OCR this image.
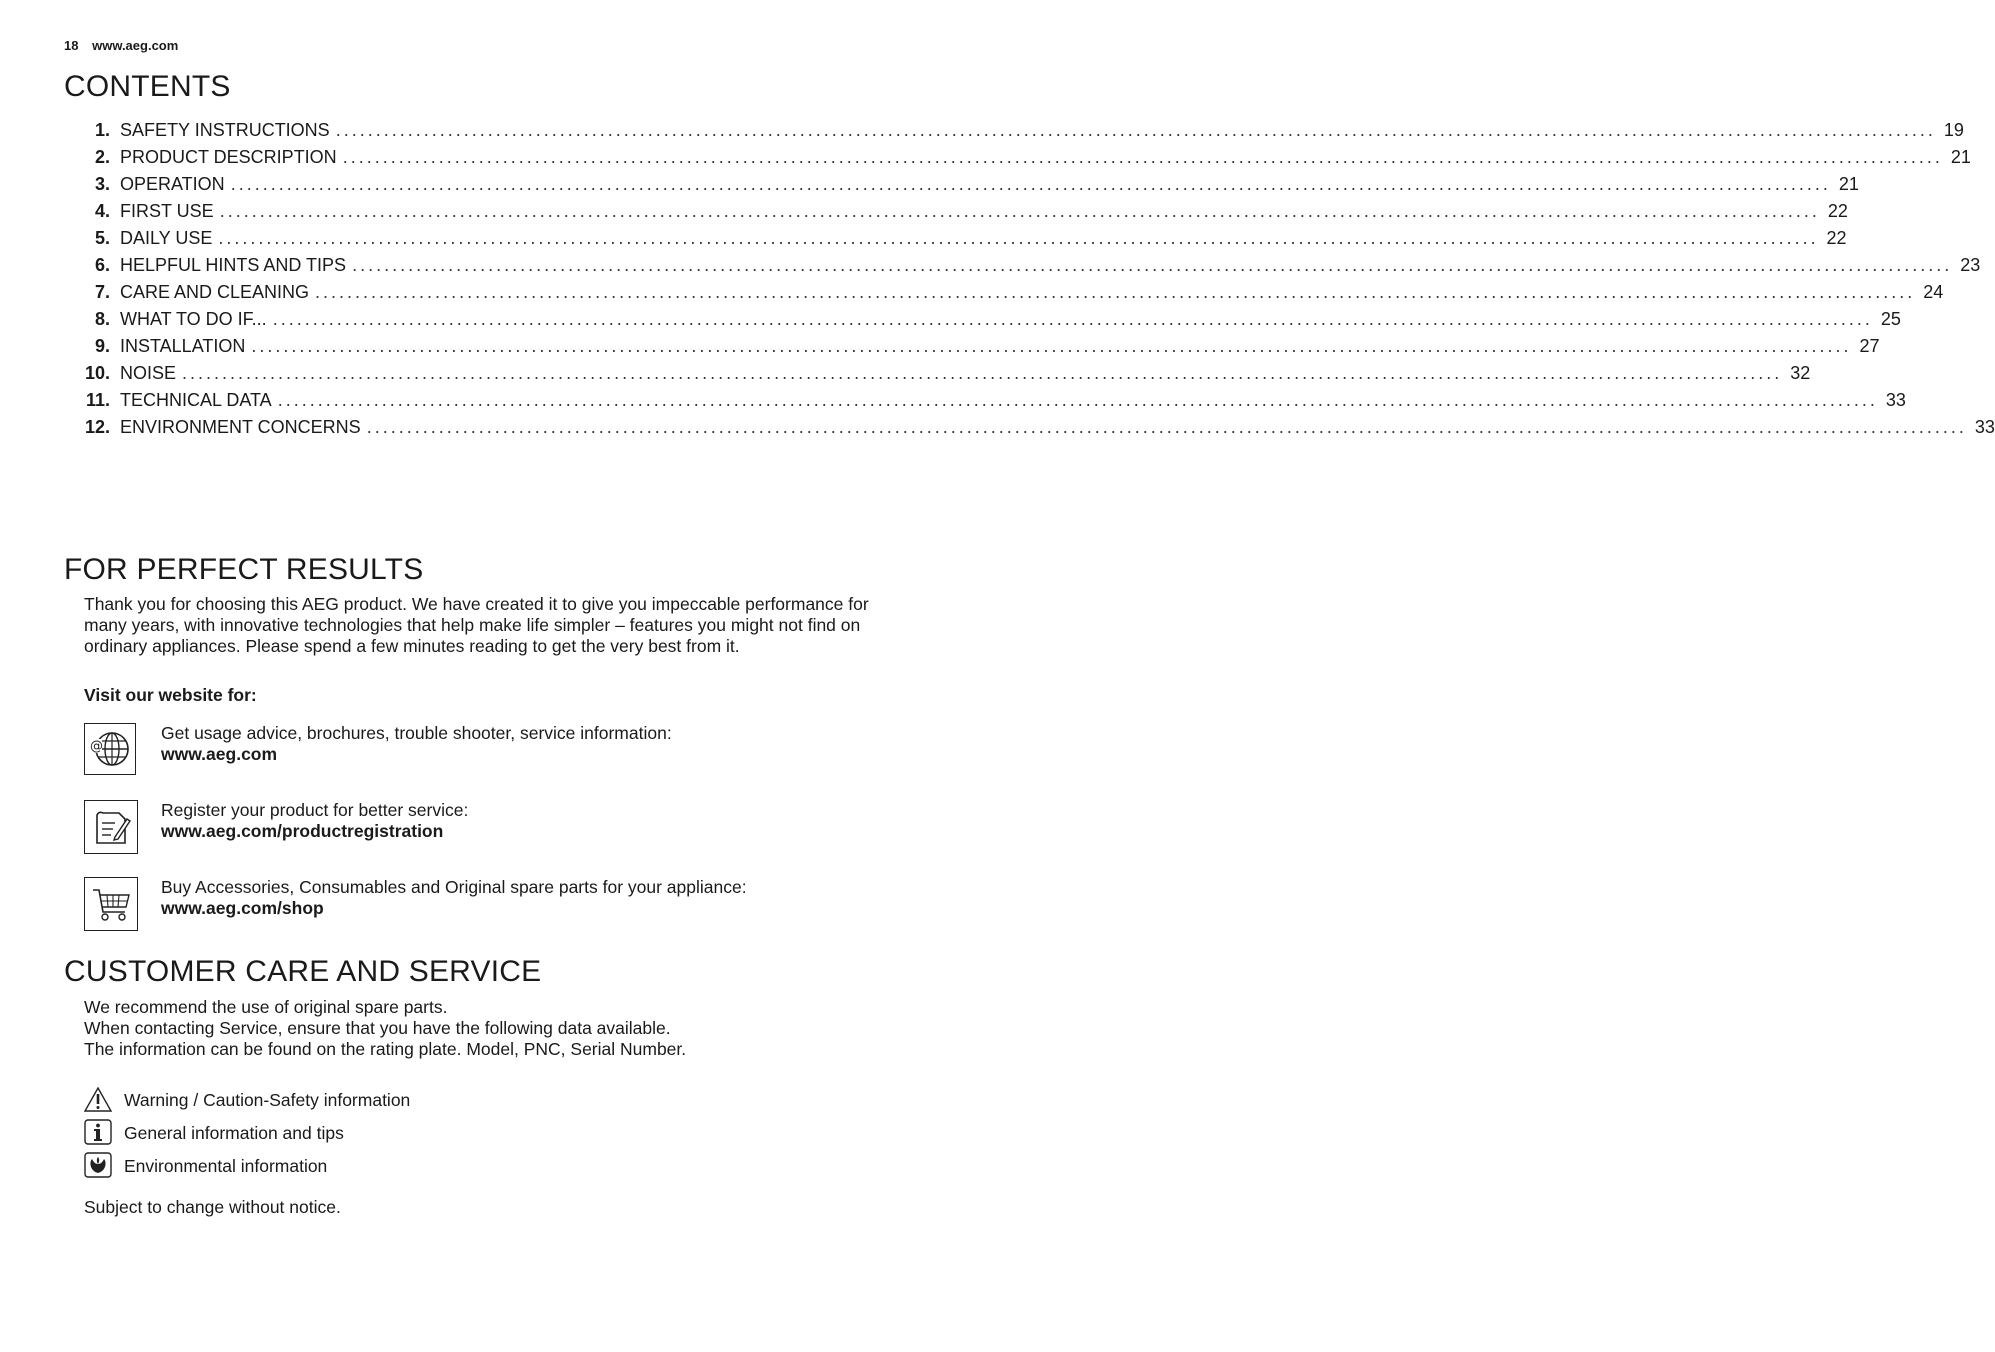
18 www.aeg.com
CONTENTS
1. SAFETY INSTRUCTIONS ........................................................................................................................................................................................................ 19
2. PRODUCT DESCRIPTION ........................................................................................................................................................................................................ 21
3. OPERATION ........................................................................................................................................................................................................ 21
4. FIRST USE ........................................................................................................................................................................................................ 22
5. DAILY USE ........................................................................................................................................................................................................ 22
6. HELPFUL HINTS AND TIPS ........................................................................................................................................................................................................ 23
7. CARE AND CLEANING ........................................................................................................................................................................................................ 24
8. WHAT TO DO IF... ........................................................................................................................................................................................................ 25
9. INSTALLATION ........................................................................................................................................................................................................ 27
10. NOISE ........................................................................................................................................................................................................ 32
11. TECHNICAL DATA ........................................................................................................................................................................................................ 33
12. ENVIRONMENT CONCERNS ........................................................................................................................................................................................................ 33
FOR PERFECT RESULTS

Thank you for choosing this AEG product. We have created it to give you impeccable performance for many years, with innovative technologies that help make life simpler – features you might not find on ordinary appliances. Please spend a few minutes reading to get the very best from it.

Visit our website for:

@
Get usage advice, brochures, trouble shooter, service information:
www.aeg.com
Register your product for better service:
www.aeg.com/productregistration
Buy Accessories, Consumables and Original spare parts for your appliance:
www.aeg.com/shop
CUSTOMER CARE AND SERVICE

We recommend the use of original spare parts.

When contacting Service, ensure that you have the following data available.

The information can be found on the rating plate. Model, PNC, Serial Number.

Warning / Caution-Safety information
General information and tips
Environmental information

Subject to change without notice.
